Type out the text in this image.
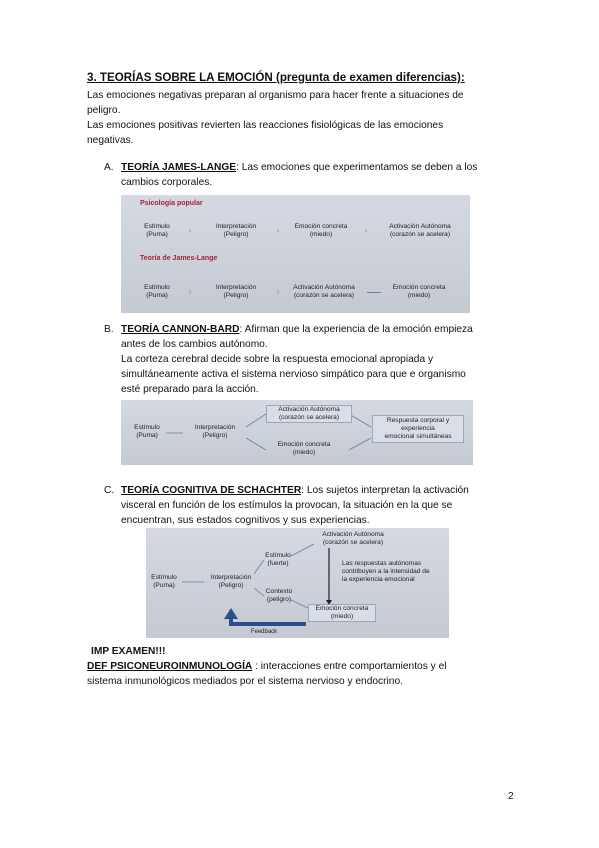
3. TEORÍAS SOBRE LA EMOCIÓN (pregunta de examen diferencias):
Las emociones negativas preparan al organismo para hacer frente a situaciones de
peligro.
Las emociones positivas revierten las reacciones fisiológicas de las emociones
negativas.
A. TEORÍA JAMES-LANGE: Las emociones que experimentamos se deben a los
cambios corporales.
Psicología popular
Estímulo
(Puma)	›
Interpretación
(Peligro)	›
Emoción concreta
(miedo)	›
Activación Autónoma
(corazón se acelera)
Teoría de James-Lange
Estímulo
(Puma)	›
Interpretación
(Peligro)	›
Activación Autónoma
(corazón se acelera)
Emoción concreta
(miedo)
B. TEORÍA CANNON-BARD: Afirman que la experiencia de la emoción empieza
antes de los cambios autónomo.
La corteza cerebral decide sobre la respuesta emocional apropiada y
simultáneamente activa el sistema nervioso simpático para que e organismo
esté preparado para la acción.
Estímulo
(Puma)
Interpretación
(Peligro)
Activación Autónoma
(corazón se acelera)
Emoción concreta
(miedo)
Respuesta corporal y
experiencia
emocional simultáneas
C. TEORÍA COGNITIVA DE SCHACHTER: Los sujetos interpretan la activación
visceral en función de los estímulos la provocan, la situación en la que se
encuentran, sus estados cognitivos y sus experiencias.
Estímulo
(Puma)
Interpretación
(Peligro)
Estímulo
(fuerte)
Contexto
(peligro)
Activación Autónoma
(corazón se acelera)
Las respuestas autónomas
contribuyen a la intensidad de
la experiencia emocional
Emoción concreta
(miedo)
Feedback
IMP EXAMEN!!!
DEF PSICONEUROINMUNOLOGÍA : interacciones entre comportamientos y el
sistema inmunológicos mediados por el sistema nervioso y endocrino.
2
